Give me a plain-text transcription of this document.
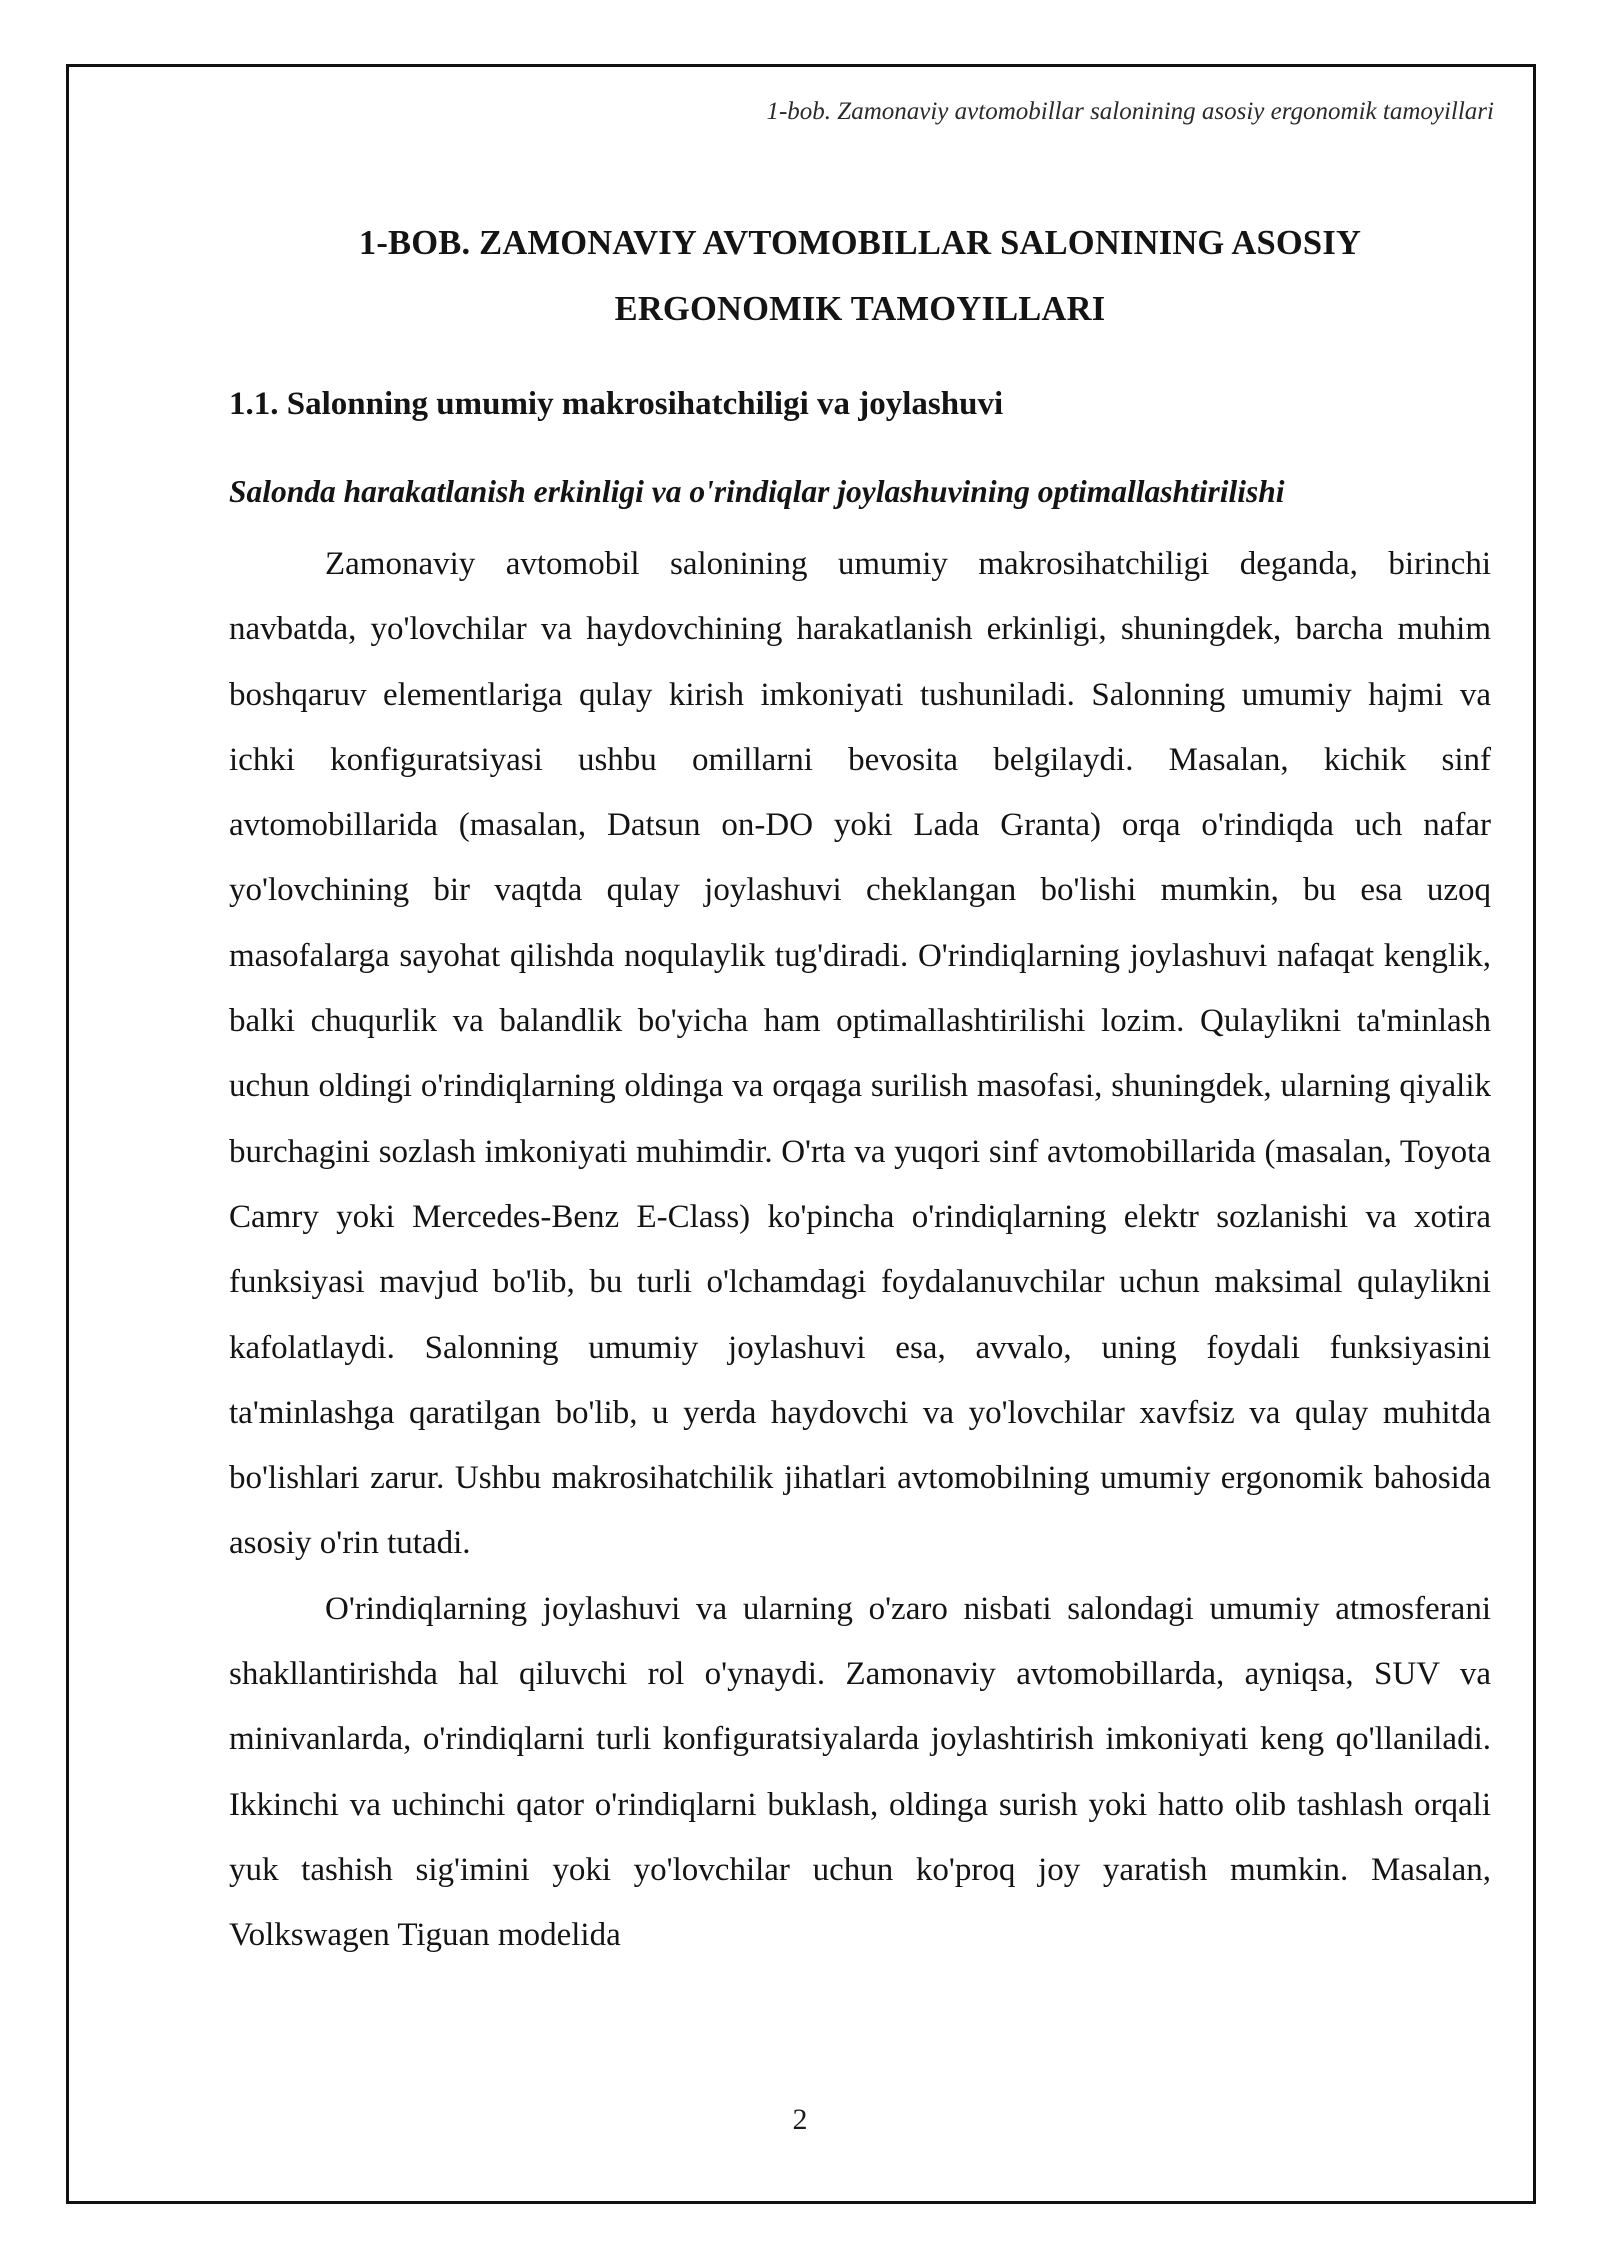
1-bob. Zamonaviy avtomobillar salonining asosiy ergonomik tamoyillari
1-BOB. ZAMONAVIY AVTOMOBILLAR SALONINING ASOSIY
ERGONOMIK TAMOYILLARI
1.1. Salonning umumiy makrosihatchiligi va joylashuvi
Salonda harakatlanish erkinligi va o'rindiqlar joylashuvining optimallashtirilishi

Zamonaviy avtomobil salonining umumiy makrosihatchiligi deganda, birinchi navbatda, yo'lovchilar va haydovchining harakatlanish erkinligi, shuningdek, barcha muhim boshqaruv elementlariga qulay kirish imkoniyati tushuniladi. Salonning umumiy hajmi va ichki konfiguratsiyasi ushbu omillarni bevosita belgilaydi. Masalan, kichik sinf avtomobillarida (masalan, Datsun on-DO yoki Lada Granta) orqa o'rindiqda uch nafar yo'lovchining bir vaqtda qulay joylashuvi cheklangan bo'lishi mumkin, bu esa uzoq masofalarga sayohat qilishda noqulaylik tug'diradi. O'rindiqlarning joylashuvi nafaqat kenglik, balki chuqurlik va balandlik bo'yicha ham optimallashtirilishi lozim. Qulaylikni ta'minlash uchun oldingi o'rindiqlarning oldinga va orqaga surilish masofasi, shuningdek, ularning qiyalik burchagini sozlash imkoniyati muhimdir. O'rta va yuqori sinf avtomobillarida (masalan, Toyota Camry yoki Mercedes-Benz E-Class) ko'pincha o'rindiqlarning elektr sozlanishi va xotira funksiyasi mavjud bo'lib, bu turli o'lchamdagi foydalanuvchilar uchun maksimal qulaylikni kafolatlaydi. Salonning umumiy joylashuvi esa, avvalo, uning foydali funksiyasini ta'minlashga qaratilgan bo'lib, u yerda haydovchi va yo'lovchilar xavfsiz va qulay muhitda bo'lishlari zarur. Ushbu makrosihatchilik jihatlari avtomobilning umumiy ergonomik bahosida asosiy o'rin tutadi.

O'rindiqlarning joylashuvi va ularning o'zaro nisbati salondagi umumiy atmosferani shakllantirishda hal qiluvchi rol o'ynaydi. Zamonaviy avtomobillarda, ayniqsa, SUV va minivanlarda, o'rindiqlarni turli konfiguratsiyalarda joylashtirish imkoniyati keng qo'llaniladi. Ikkinchi va uchinchi qator o'rindiqlarni buklash, oldinga surish yoki hatto olib tashlash orqali yuk tashish sig'imini yoki yo'lovchilar uchun ko'proq joy yaratish mumkin. Masalan, Volkswagen Tiguan modelida

2
